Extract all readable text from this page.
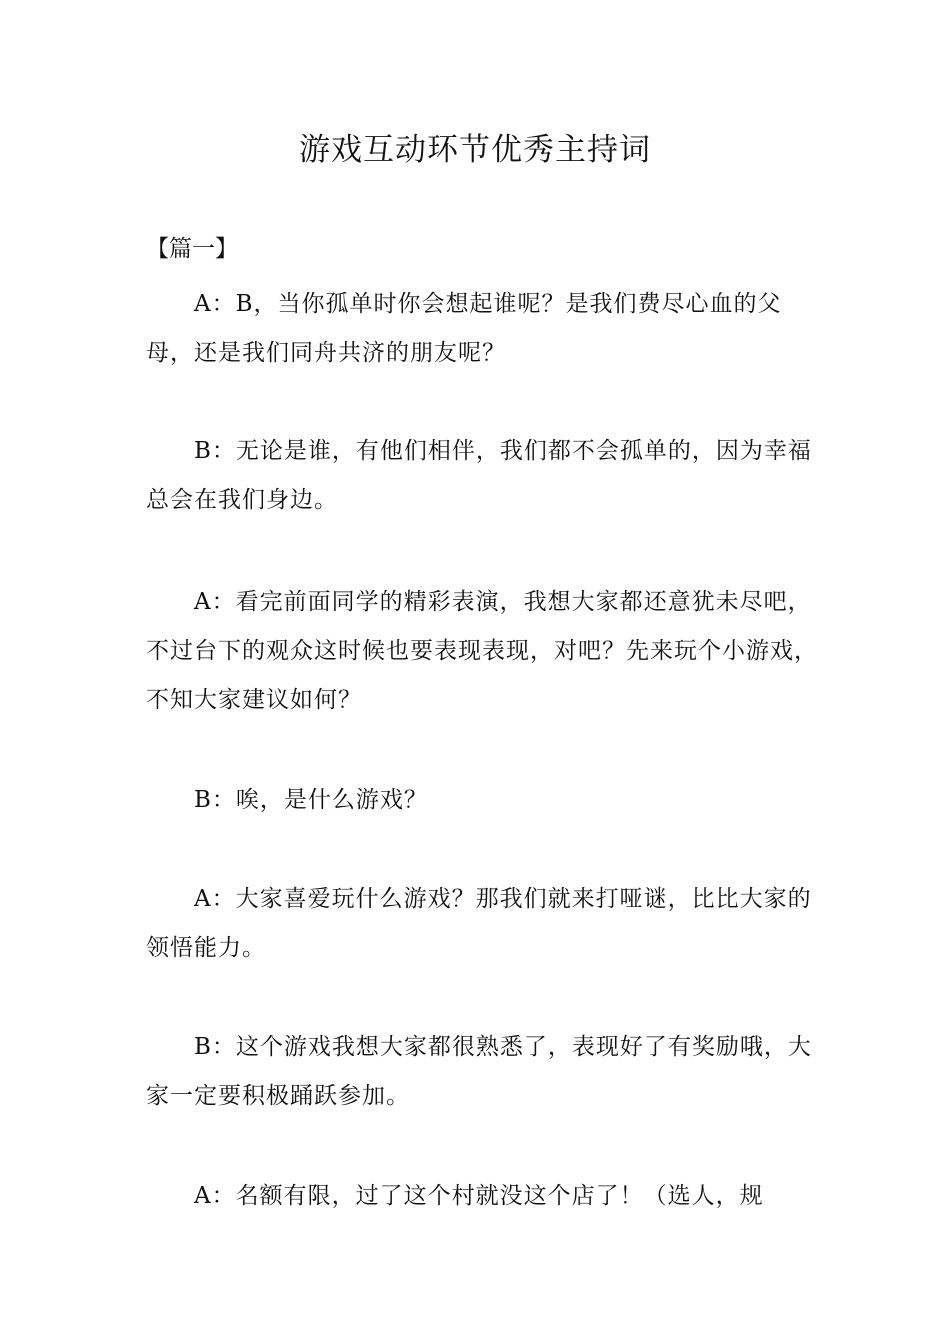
游戏互动环节优秀主持词
【篇一】

A：B，当你孤单时你会想起谁呢？是我们费尽心血的父母，还是我们同舟共济的朋友呢？

B：无论是谁，有他们相伴，我们都不会孤单的，因为幸福总会在我们身边。

A：看完前面同学的精彩表演，我想大家都还意犹未尽吧，不过台下的观众这时候也要表现表现，对吧？先来玩个小游戏，不知大家建议如何？

B：唉，是什么游戏？

A：大家喜爱玩什么游戏？那我们就来打哑谜，比比大家的领悟能力。

B：这个游戏我想大家都很熟悉了，表现好了有奖励哦，大家一定要积极踊跃参加。

A：名额有限，过了这个村就没这个店了！（选人，规
